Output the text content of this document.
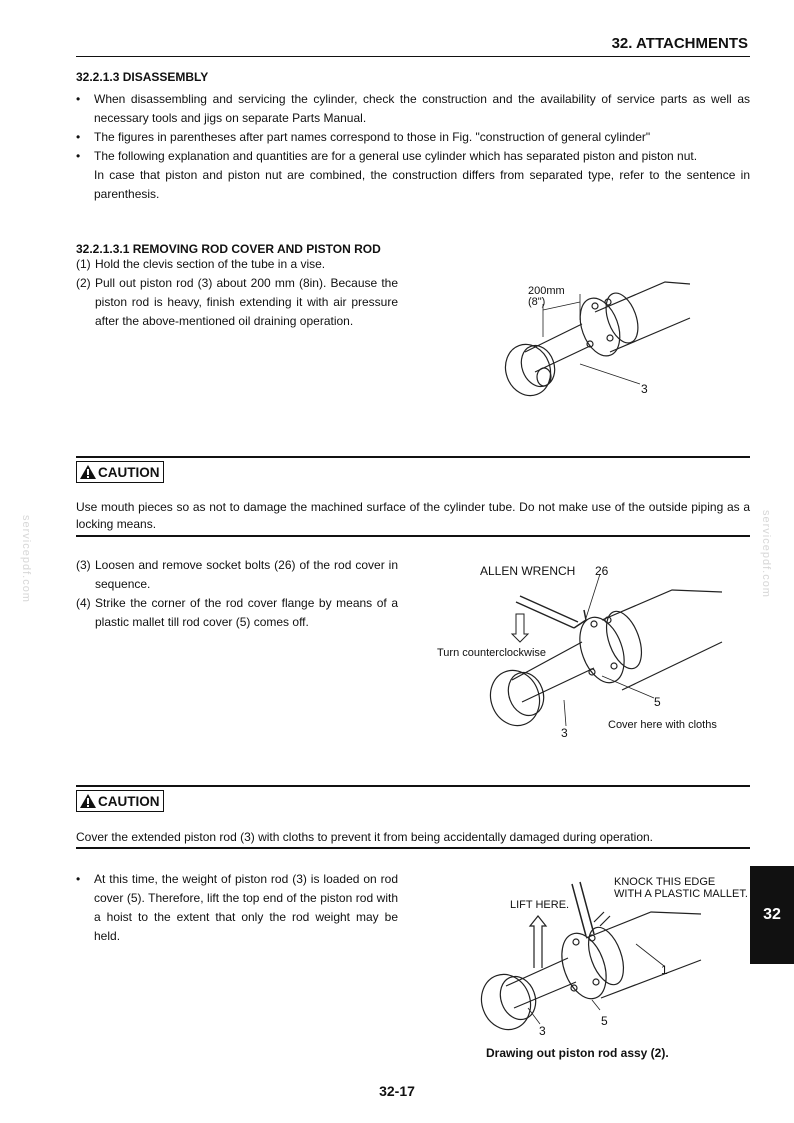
32. ATTACHMENTS
32.2.1.3 DISASSEMBLY
• When disassembling and servicing the cylinder, check the construction and the availability of service parts as well as necessary tools and jigs on separate Parts Manual.
• The figures in parentheses after part names correspond to those in Fig. "construction of general cylinder"
• The following explanation and quantities are for a general use cylinder which has separated piston and piston nut.
In case that piston and piston nut are combined, the construction differs from separated type, refer to the sentence in parenthesis.
32.2.1.3.1 REMOVING ROD COVER AND PISTON ROD
(1) Hold the clevis section of the tube in a vise.
(2) Pull out piston rod (3) about 200 mm (8in). Because the piston rod is heavy, finish extending it with air pressure after the above-mentioned oil draining operation.
200mm
(8")
3
CAUTION
Use mouth pieces so as not to damage the machined surface of the cylinder tube. Do not make use of the outside piping as a locking means.
(3) Loosen and remove socket bolts (26) of the rod cover in sequence.
(4) Strike the corner of the rod cover flange by means of a plastic mallet till rod cover (5) comes off.
ALLEN WRENCH 26
Turn counterclockwise
5
Cover here with cloths
3
CAUTION
Cover the extended piston rod (3) with cloths to prevent it from being accidentally damaged during operation.
• At this time, the weight of piston rod (3) is loaded on rod cover (5). Therefore, lift the top end of the piston rod with a hoist to the extent that only the rod weight may be held.
KNOCK THIS EDGE
WITH A PLASTIC MALLET.
LIFT HERE.
1
5
3
Drawing out piston rod assy (2).
32
servicepdf.com	servicepdf.com
32-17
